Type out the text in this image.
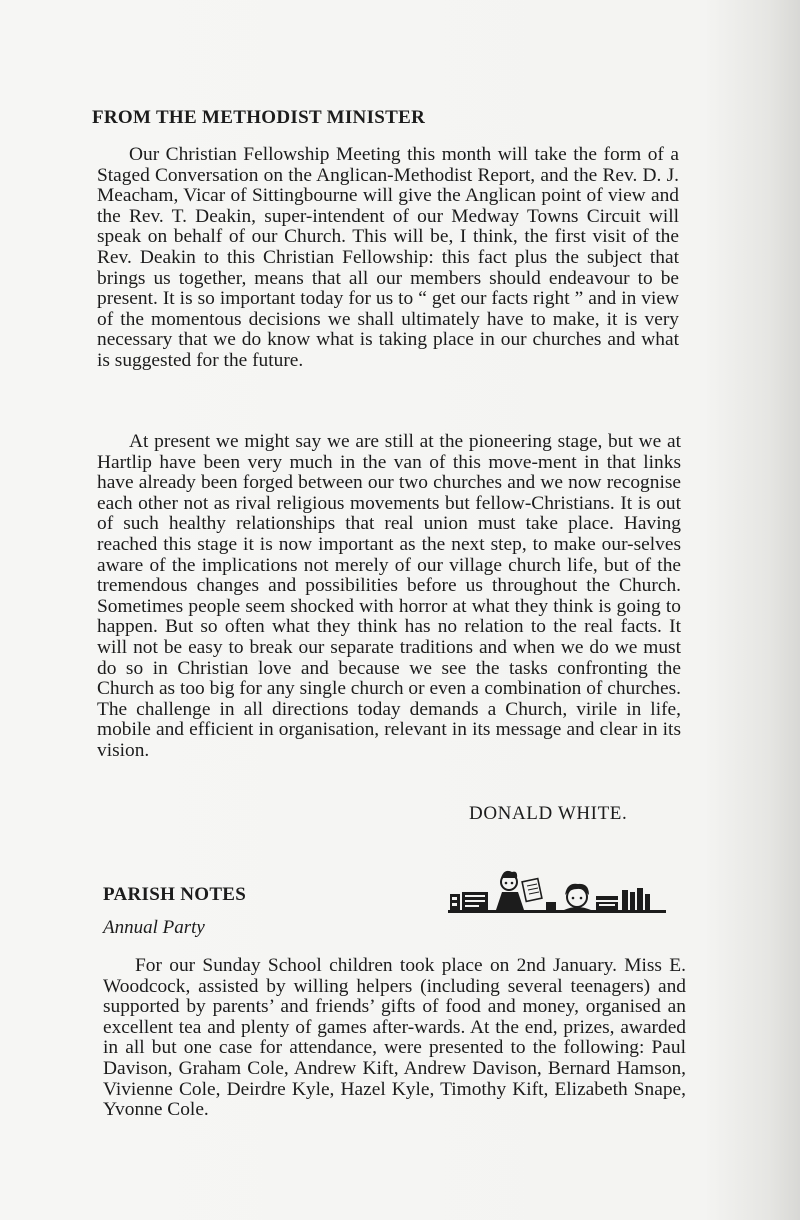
FROM THE METHODIST MINISTER

Our Christian Fellowship Meeting this month will take the form of a Staged Conversation on the Anglican-Methodist Report, and the Rev. D. J. Meacham, Vicar of Sittingbourne will give the Anglican point of view and the Rev. T. Deakin, super-intendent of our Medway Towns Circuit will speak on behalf of our Church. This will be, I think, the first visit of the Rev. Deakin to this Christian Fellowship: this fact plus the subject that brings us together, means that all our members should endeavour to be present. It is so important today for us to “ get our facts right ” and in view of the momentous decisions we shall ultimately have to make, it is very necessary that we do know what is taking place in our churches and what is suggested for the future.

At present we might say we are still at the pioneering stage, but we at Hartlip have been very much in the van of this move-ment in that links have already been forged between our two churches and we now recognise each other not as rival religious movements but fellow-Christians. It is out of such healthy relationships that real union must take place. Having reached this stage it is now important as the next step, to make our-selves aware of the implications not merely of our village church life, but of the tremendous changes and possibilities before us throughout the Church. Sometimes people seem shocked with horror at what they think is going to happen. But so often what they think has no relation to the real facts. It will not be easy to break our separate traditions and when we do we must do so in Christian love and because we see the tasks confronting the Church as too big for any single church or even a combination of churches. The challenge in all directions today demands a Church, virile in life, mobile and efficient in organisation, relevant in its message and clear in its vision.

DONALD WHITE.
PARISH NOTES
Annual Party

For our Sunday School children took place on 2nd January. Miss E. Woodcock, assisted by willing helpers (including several teenagers) and supported by parents’ and friends’ gifts of food and money, organised an excellent tea and plenty of games after-wards. At the end, prizes, awarded in all but one case for attendance, were presented to the following: Paul Davison, Graham Cole, Andrew Kift, Andrew Davison, Bernard Hamson, Vivienne Cole, Deirdre Kyle, Hazel Kyle, Timothy Kift, Elizabeth Snape, Yvonne Cole.
